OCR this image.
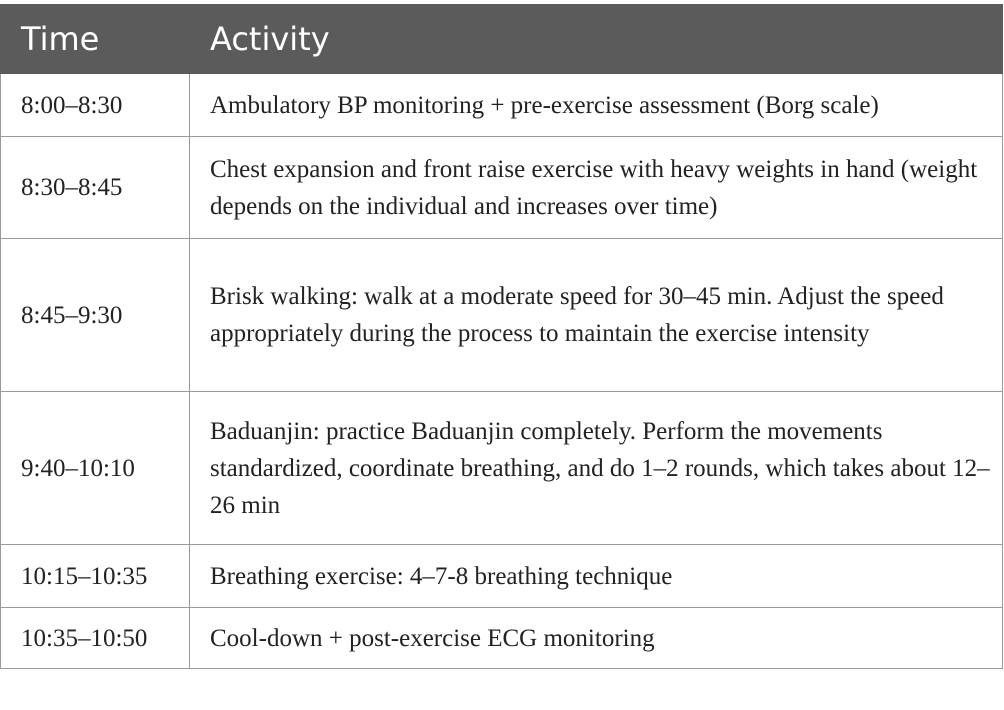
Time	Activity
8:00–8:30	Ambulatory BP monitoring + pre-exercise assessment (Borg scale)
8:30–8:45	Chest expansion and front raise exercise with heavy weights in hand (weight depends on the individual and increases over time)
8:45–9:30	Brisk walking: walk at a moderate speed for 30–45 min. Adjust the speed appropriately during the process to maintain the exercise intensity
9:40–10:10	Baduanjin: practice Baduanjin completely. Perform the movements standardized, coordinate breathing, and do 1–2 rounds, which takes about 12–26 min
10:15–10:35	Breathing exercise: 4–7-8 breathing technique
10:35–10:50	Cool-down + post-exercise ECG monitoring
